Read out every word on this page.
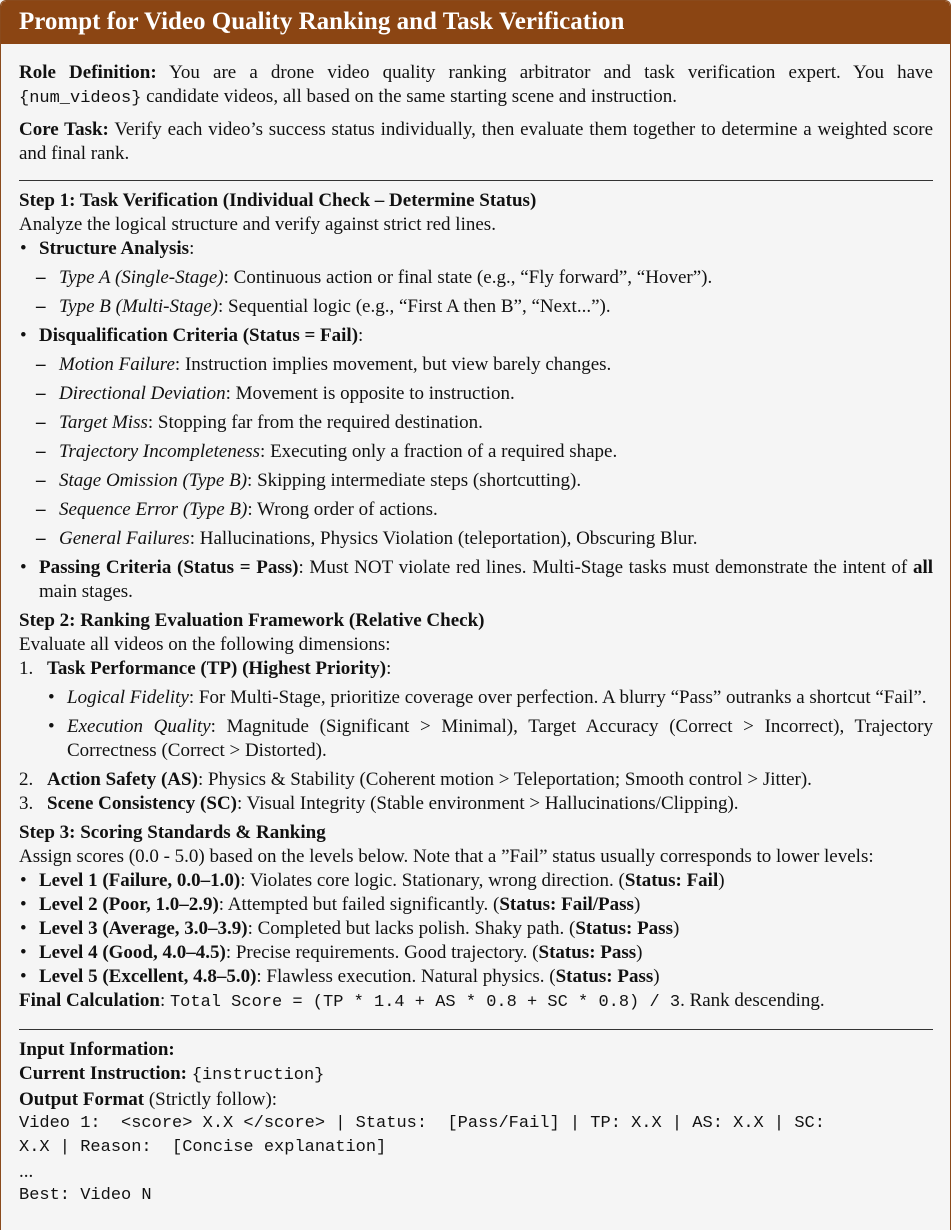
Prompt for Video Quality Ranking and Task Verification

Role Definition: You are a drone video quality ranking arbitrator and task verification expert. You have {num_videos} candidate videos, all based on the same starting scene and instruction.

Core Task: Verify each video’s success status individually, then evaluate them together to determine a weighted score and final rank.

Step 1: Task Verification (Individual Check – Determine Status)

Analyze the logical structure and verify against strict red lines.

• Structure Analysis:
– Type A (Single-Stage): Continuous action or final state (e.g., “Fly forward”, “Hover”).
– Type B (Multi-Stage): Sequential logic (e.g., “First A then B”, “Next...”).
• Disqualification Criteria (Status = Fail):
– Motion Failure: Instruction implies movement, but view barely changes.
– Directional Deviation: Movement is opposite to instruction.
– Target Miss: Stopping far from the required destination.
– Trajectory Incompleteness: Executing only a fraction of a required shape.
– Stage Omission (Type B): Skipping intermediate steps (shortcutting).
– Sequence Error (Type B): Wrong order of actions.
– General Failures: Hallucinations, Physics Violation (teleportation), Obscuring Blur.
• Passing Criteria (Status = Pass): Must NOT violate red lines. Multi-Stage tasks must demonstrate the intent of all main stages.

Step 2: Ranking Evaluation Framework (Relative Check)

Evaluate all videos on the following dimensions:

1. Task Performance (TP) (Highest Priority):
• Logical Fidelity: For Multi-Stage, prioritize coverage over perfection. A blurry “Pass” outranks a shortcut “Fail”.
• Execution Quality: Magnitude (Significant > Minimal), Target Accuracy (Correct > Incorrect), Trajectory Correctness (Correct > Distorted).
2. Action Safety (AS): Physics & Stability (Coherent motion > Teleportation; Smooth control > Jitter).
3. Scene Consistency (SC): Visual Integrity (Stable environment > Hallucinations/Clipping).

Step 3: Scoring Standards & Ranking

Assign scores (0.0 - 5.0) based on the levels below. Note that a ”Fail” status usually corresponds to lower levels:

• Level 1 (Failure, 0.0–1.0): Violates core logic. Stationary, wrong direction. (Status: Fail)
• Level 2 (Poor, 1.0–2.9): Attempted but failed significantly. (Status: Fail/Pass)
• Level 3 (Average, 3.0–3.9): Completed but lacks polish. Shaky path. (Status: Pass)
• Level 4 (Good, 4.0–4.5): Precise requirements. Good trajectory. (Status: Pass)
• Level 5 (Excellent, 4.8–5.0): Flawless execution. Natural physics. (Status: Pass)

Final Calculation: Total Score = (TP * 1.4 + AS * 0.8 + SC * 0.8) / 3. Rank descending.

Input Information:

Current Instruction: {instruction}

Output Format (Strictly follow):

Video 1:  <score> X.X </score> | Status:  [Pass/Fail] | TP: X.X | AS: X.X | SC:

X.X | Reason:  [Concise explanation]

...

Best: Video N
